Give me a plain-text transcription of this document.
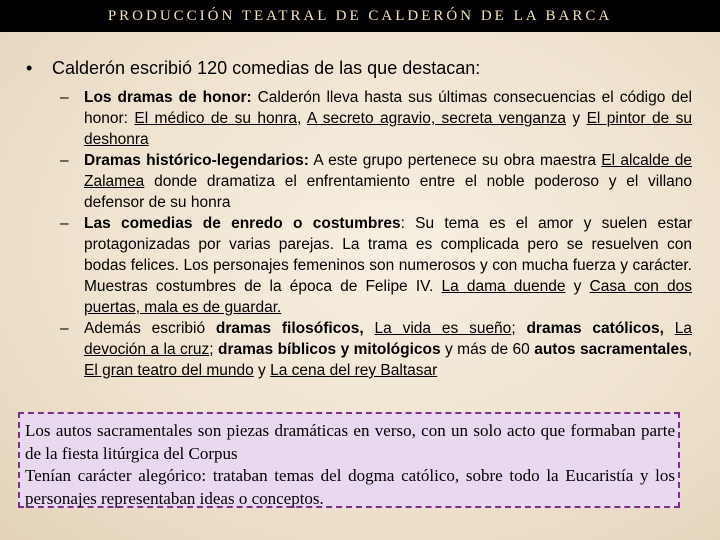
PRODUCCIÓN TEATRAL DE CALDERÓN DE LA BARCA
•	Calderón escribió 120 comedias de las que destacan:
– Los dramas de honor: Calderón lleva hasta sus últimas consecuencias el código del honor: El médico de su honra, A secreto agravio, secreta venganza y El pintor de su deshonra
– Dramas histórico-legendarios: A este grupo pertenece su obra maestra El alcalde de Zalamea donde dramatiza el enfrentamiento entre el noble poderoso y el villano defensor de su honra
– Las comedias de enredo o costumbres: Su tema es el amor y suelen estar protagonizadas por varias parejas. La trama es complicada pero se resuelven con bodas felices. Los personajes femeninos son numerosos y con mucha fuerza y carácter. Muestras costumbres de la época de Felipe IV. La dama duende y Casa con dos puertas, mala es de guardar.
– Además escribió dramas filosóficos, La vida es sueño; dramas católicos, La devoción a la cruz; dramas bíblicos y mitológicos y más de 60 autos sacramentales, El gran teatro del mundo y La cena del rey Baltasar

Los autos sacramentales son piezas dramáticas en verso, con un solo acto que formaban parte de la fiesta litúrgica del Corpus

Tenían carácter alegórico: trataban temas del dogma católico, sobre todo la Eucaristía y los personajes representaban ideas o conceptos.
